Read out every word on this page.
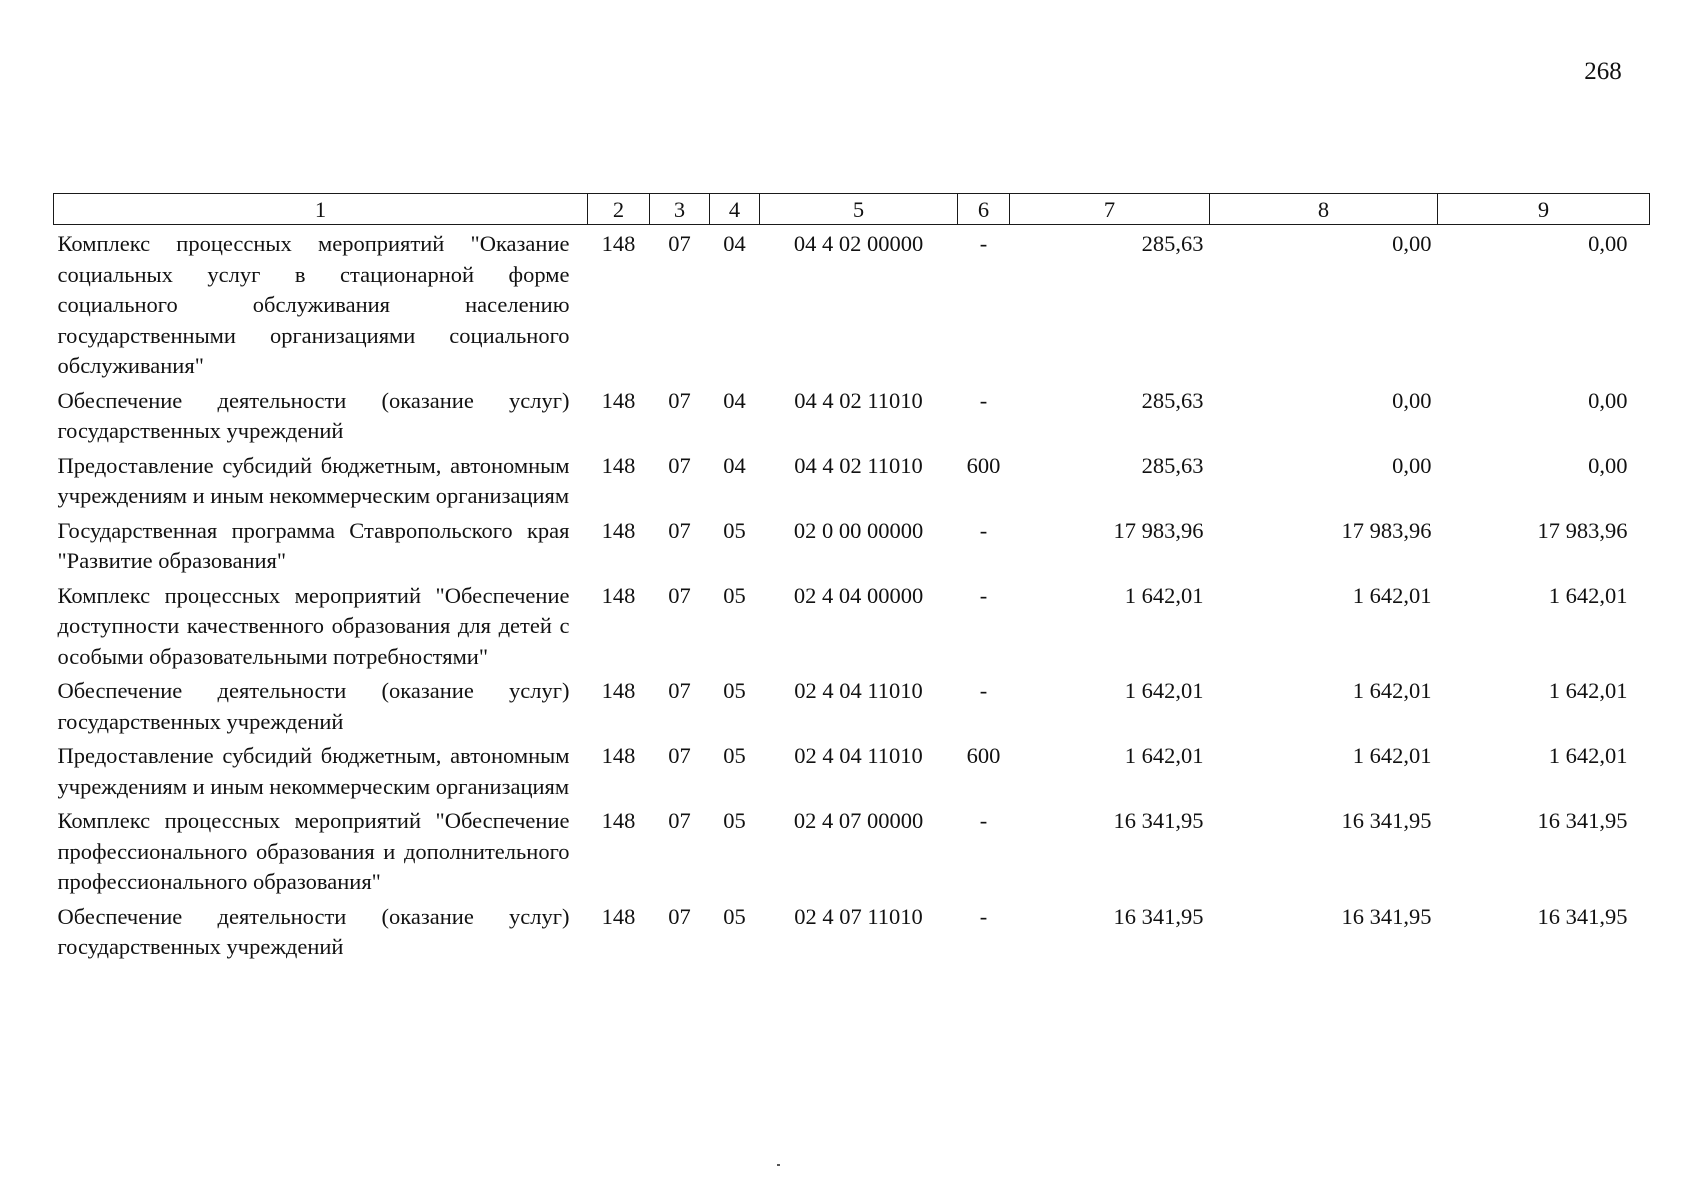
268
1	2	3	4	5	6	7	8	9
Комплекс процессных мероприятий "Оказание социальных услуг в стационарной форме социального обслуживания населению государственными организациями социального обслуживания"	148	07	04	04 4 02 00000	-	285,63	0,00	0,00
Обеспечение деятельности (оказание услуг) государственных учреждений	148	07	04	04 4 02 11010	-	285,63	0,00	0,00
Предоставление субсидий бюджетным, автономным учреждениям и иным некоммерческим организациям	148	07	04	04 4 02 11010	600	285,63	0,00	0,00
Государственная программа Ставропольского края "Развитие образования"	148	07	05	02 0 00 00000	-	17 983,96	17 983,96	17 983,96
Комплекс процессных мероприятий "Обеспечение доступности качественного образования для детей с особыми образовательными потребностями"	148	07	05	02 4 04 00000	-	1 642,01	1 642,01	1 642,01
Обеспечение деятельности (оказание услуг) государственных учреждений	148	07	05	02 4 04 11010	-	1 642,01	1 642,01	1 642,01
Предоставление субсидий бюджетным, автономным учреждениям и иным некоммерческим организациям	148	07	05	02 4 04 11010	600	1 642,01	1 642,01	1 642,01
Комплекс процессных мероприятий "Обеспечение профессионального образования и дополнительного профессионального образования"	148	07	05	02 4 07 00000	-	16 341,95	16 341,95	16 341,95
Обеспечение деятельности (оказание услуг) государственных учреждений	148	07	05	02 4 07 11010	-	16 341,95	16 341,95	16 341,95
